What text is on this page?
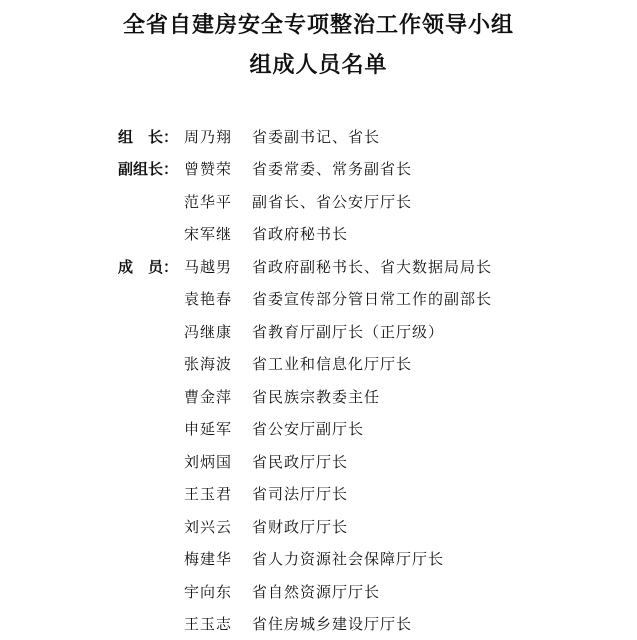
全省自建房安全专项整治工作领导小组
组成人员名单
组　长： 周乃翔	省委副书记、省长
副组长： 曾赞荣	省委常委、常务副省长
范华平	副省长、省公安厅厅长
宋军继	省政府秘书长
成　员： 马越男	省政府副秘书长、省大数据局局长
袁艳春	省委宣传部分管日常工作的副部长
冯继康	省教育厅副厅长（正厅级）
张海波	省工业和信息化厅厅长
曹金萍	省民族宗教委主任
申延军	省公安厅副厅长
刘炳国	省民政厅厅长
王玉君	省司法厅厅长
刘兴云	省财政厅厅长
梅建华	省人力资源社会保障厅厅长
宇向东	省自然资源厅厅长
王玉志	省住房城乡建设厅厅长
